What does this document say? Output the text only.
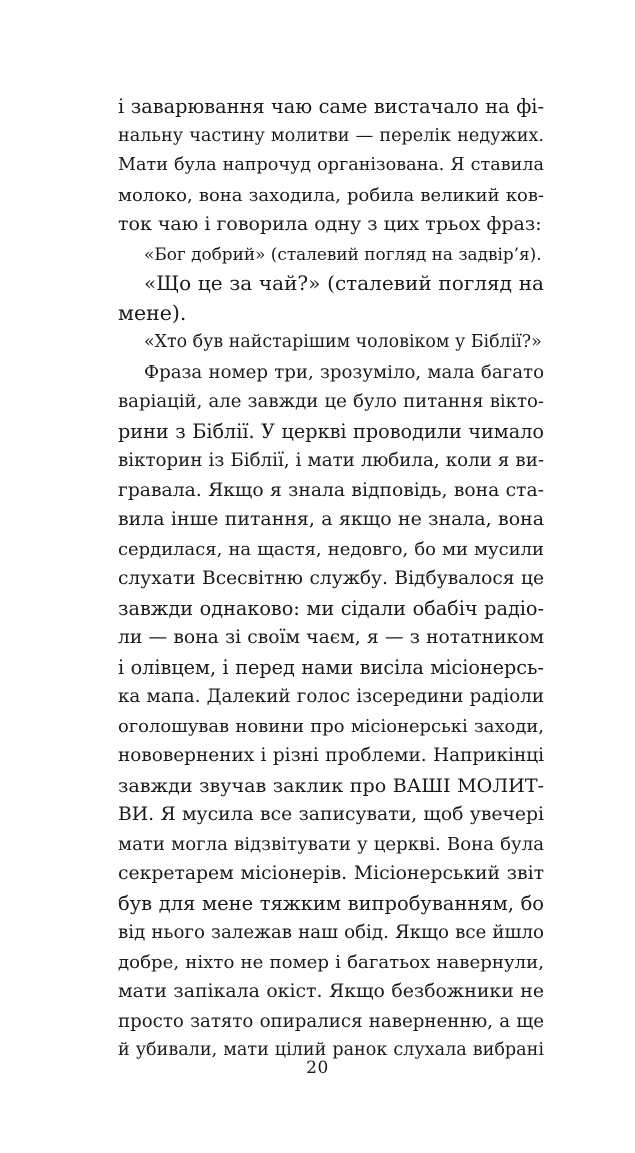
і заварювання чаю саме вистачало на фі-
нальну частину молитви — перелік недужих.
Мати була напрочуд організована. Я ставила
молоко, вона заходила, робила великий ков-
ток чаю і говорила одну з цих трьох фраз:
«Бог добрий» (сталевий погляд на задвір’я).
«Що це за чай?» (сталевий погляд на
мене).
«Хто був найстарішим чоловіком у Біблії?»
Фраза номер три, зрозуміло, мала багато
варіацій, але завжди це було питання вікто-
рини з Біблії. У церкві проводили чимало
вікторин із Біблії, і мати любила, коли я ви-
гравала. Якщо я знала відповідь, вона ста-
вила інше питання, а якщо не знала, вона
сердилася, на щастя, недовго, бо ми мусили
слухати Всесвітню службу. Відбувалося це
завжди однаково: ми сідали обабіч радіо-
ли — вона зі своїм чаєм, я — з нотатником
і олівцем, і перед нами висіла місіонерсь-
ка мапа. Далекий голос ізсередини радіоли
оголошував новини про місіонерські заходи,
нововернених і різні проблеми. Наприкінці
завжди звучав заклик про ВАШІ МОЛИТ-
ВИ. Я мусила все записувати, щоб увечері
мати могла відзвітувати у церкві. Вона була
секретарем місіонерів. Місіонерський звіт
був для мене тяжким випробуванням, бо
від нього залежав наш обід. Якщо все йшло
добре, ніхто не помер і багатьох навернули,
мати запікала окіст. Якщо безбожники не
просто затято опиралися наверненню, а ще
й убивали, мати цілий ранок слухала вибрані
20
